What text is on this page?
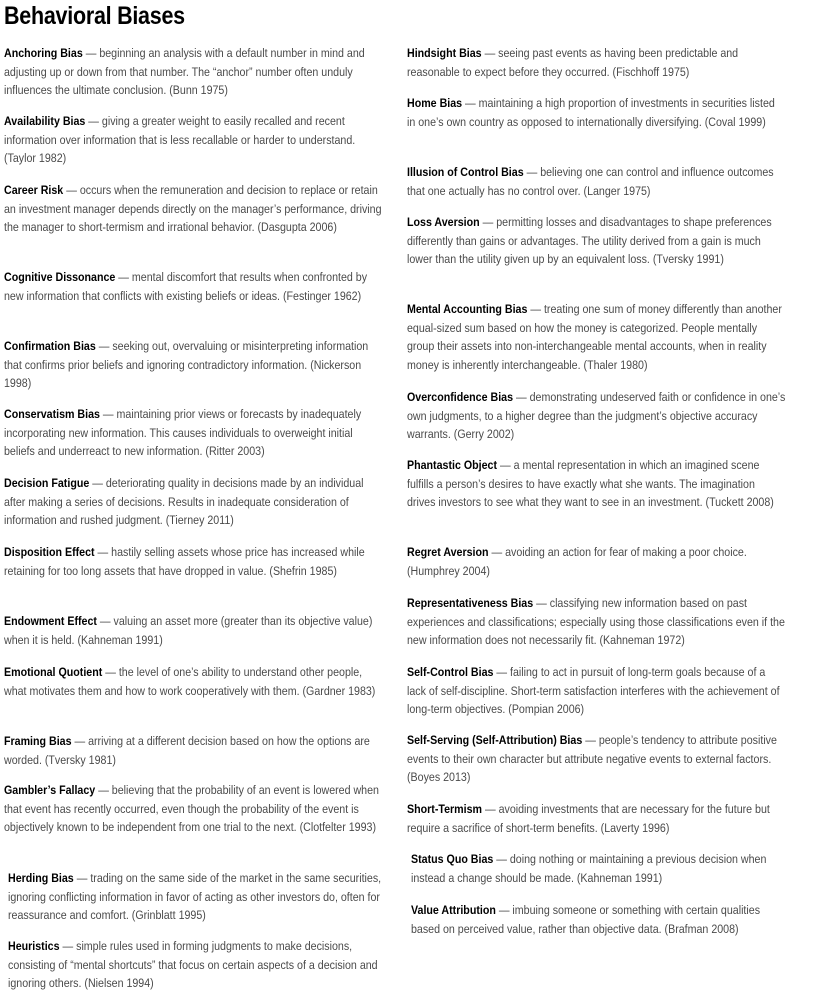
Behavioral Biases
Anchoring Bias — beginning an analysis with a default number in mind and adjusting up or down from that number. The “anchor” number often unduly influences the ultimate conclusion. (Bunn 1975)
Availability Bias — giving a greater weight to easily recalled and recent information over information that is less recallable or harder to understand. (Taylor 1982)
Career Risk — occurs when the remuneration and decision to replace or retain an investment manager depends directly on the manager’s performance, driving the manager to short-termism and irrational behavior. (Dasgupta 2006)
Cognitive Dissonance — mental discomfort that results when confronted by new information that conflicts with existing beliefs or ideas. (Festinger 1962)
Confirmation Bias — seeking out, overvaluing or misinterpreting information that confirms prior beliefs and ignoring contradictory information. (Nickerson 1998)
Conservatism Bias — maintaining prior views or forecasts by inadequately incorporating new information. This causes individuals to overweight initial beliefs and underreact to new information. (Ritter 2003)
Decision Fatigue — deteriorating quality in decisions made by an individual after making a series of decisions. Results in inadequate consideration of information and rushed judgment. (Tierney 2011)
Disposition Effect — hastily selling assets whose price has increased while retaining for too long assets that have dropped in value. (Shefrin 1985)
Endowment Effect — valuing an asset more (greater than its objective value) when it is held. (Kahneman 1991)
Emotional Quotient — the level of one’s ability to understand other people, what motivates them and how to work cooperatively with them. (Gardner 1983)
Framing Bias — arriving at a different decision based on how the options are worded. (Tversky 1981)
Gambler’s Fallacy — believing that the probability of an event is lowered when that event has recently occurred, even though the probability of the event is objectively known to be independent from one trial to the next. (Clotfelter 1993)
Herding Bias — trading on the same side of the market in the same securities, ignoring conflicting information in favor of acting as other investors do, often for reassurance and comfort. (Grinblatt 1995)
Heuristics — simple rules used in forming judgments to make decisions, consisting of “mental shortcuts” that focus on certain aspects of a decision and ignoring others. (Nielsen 1994)
Hindsight Bias — seeing past events as having been predictable and reasonable to expect before they occurred. (Fischhoff 1975)
Home Bias — maintaining a high proportion of investments in securities listed in one’s own country as opposed to internationally diversifying. (Coval 1999)
Illusion of Control Bias — believing one can control and influence outcomes that one actually has no control over. (Langer 1975)
Loss Aversion — permitting losses and disadvantages to shape preferences differently than gains or advantages. The utility derived from a gain is much lower than the utility given up by an equivalent loss. (Tversky 1991)
Mental Accounting Bias — treating one sum of money differently than another equal-sized sum based on how the money is categorized. People mentally group their assets into non-interchangeable mental accounts, when in reality money is inherently interchangeable. (Thaler 1980)
Overconfidence Bias — demonstrating undeserved faith or confidence in one’s own judgments, to a higher degree than the judgment’s objective accuracy warrants. (Gerry 2002)
Phantastic Object — a mental representation in which an imagined scene fulfills a person’s desires to have exactly what she wants. The imagination drives investors to see what they want to see in an investment. (Tuckett 2008)
Regret Aversion — avoiding an action for fear of making a poor choice. (Humphrey 2004)
Representativeness Bias — classifying new information based on past experiences and classifications; especially using those classifications even if the new information does not necessarily fit. (Kahneman 1972)
Self-Control Bias — failing to act in pursuit of long-term goals because of a lack of self-discipline. Short-term satisfaction interferes with the achievement of long-term objectives. (Pompian 2006)
Self-Serving (Self-Attribution) Bias — people’s tendency to attribute positive events to their own character but attribute negative events to external factors. (Boyes 2013)
Short-Termism — avoiding investments that are necessary for the future but require a sacrifice of short-term benefits. (Laverty 1996)
Status Quo Bias — doing nothing or maintaining a previous decision when instead a change should be made. (Kahneman 1991)
Value Attribution — imbuing someone or something with certain qualities based on perceived value, rather than objective data. (Brafman 2008)
